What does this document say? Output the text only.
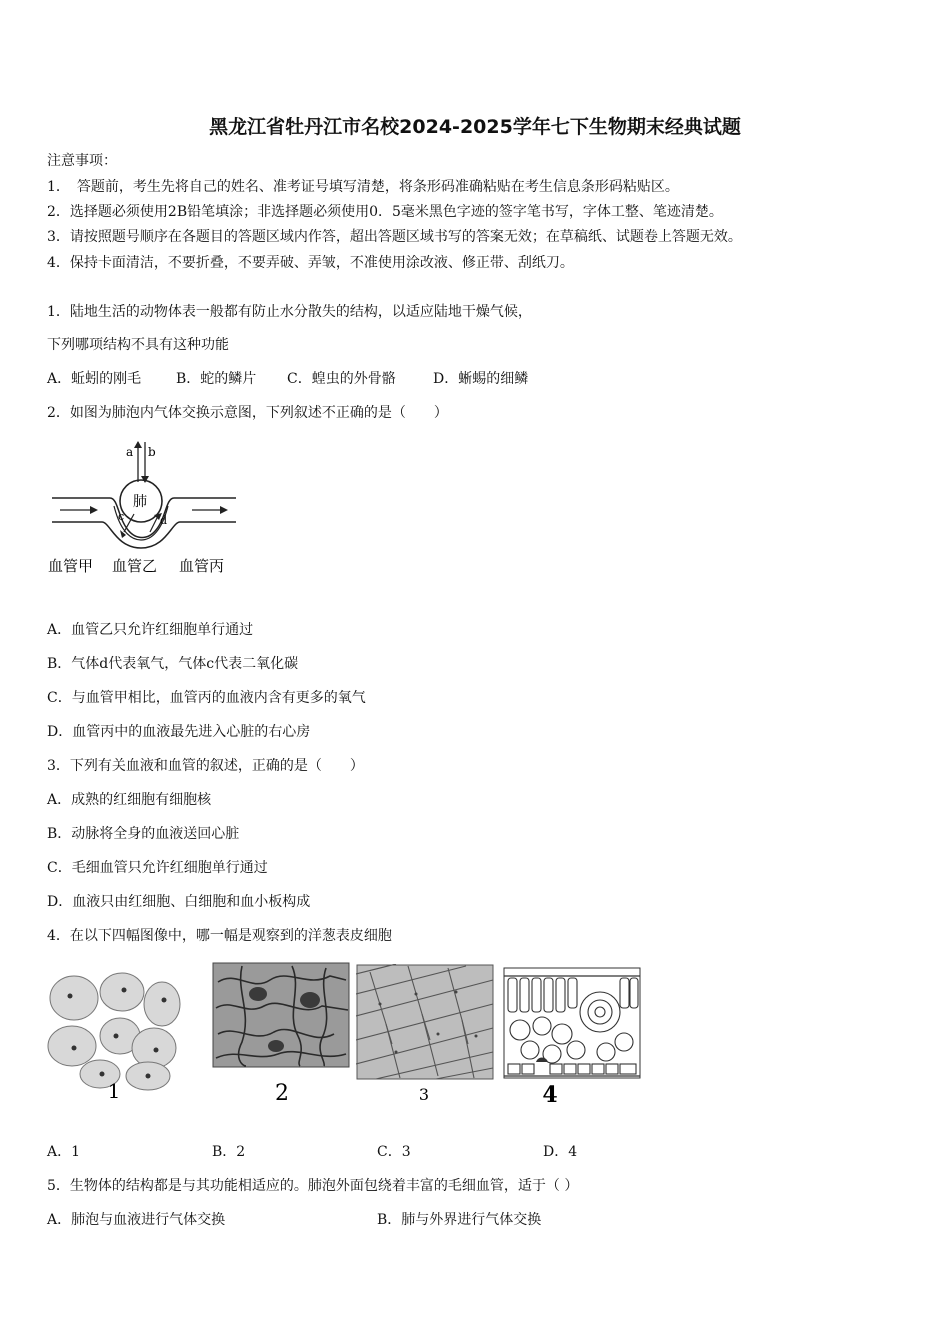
黑龙江省牡丹江市名校2024-2025学年七下生物期末经典试题
注意事项：
1．　答题前，考生先将自己的姓名、准考证号填写清楚，将条形码准确粘贴在考生信息条形码粘贴区。
2．选择题必须使用2B铅笔填涂；非选择题必须使用0．5毫米黑色字迹的签字笔书写，字体工整、笔迹清楚。
3．请按照题号顺序在各题目的答题区域内作答，超出答题区域书写的答案无效；在草稿纸、试题卷上答题无效。
4．保持卡面清洁，不要折叠，不要弄破、弄皱，不准使用涂改液、修正带、刮纸刀。
1．陆地生活的动物体表一般都有防止水分散失的结构，以适应陆地干燥气候，
下列哪项结构不具有这种功能
A．蚯蚓的刚毛 B．蛇的鳞片 C．蝗虫的外骨骼	D．蜥蜴的细鳞
2．如图为肺泡内气体交换示意图，下列叙述不正确的是（　　）
a b
肺
c	d
血管甲 血管乙 血管丙
A．血管乙只允许红细胞单行通过
B．气体d代表氧气，气体c代表二氧化碳
C．与血管甲相比，血管丙的血液内含有更多的氧气
D．血管丙中的血液最先进入心脏的右心房
3．下列有关血液和血管的叙述，正确的是（　　）
A．成熟的红细胞有细胞核
B．动脉将全身的血液送回心脏
C．毛细血管只允许红细胞单行通过
D．血液只由红细胞、白细胞和血小板构成
4．在以下四幅图像中，哪一幅是观察到的洋葱表皮细胞
1	2	3	4
A．1	B．2	C．3	D．4
5．生物体的结构都是与其功能相适应的。肺泡外面包绕着丰富的毛细血管，适于（ ）
A．肺泡与血液进行气体交换	B．肺与外界进行气体交换
